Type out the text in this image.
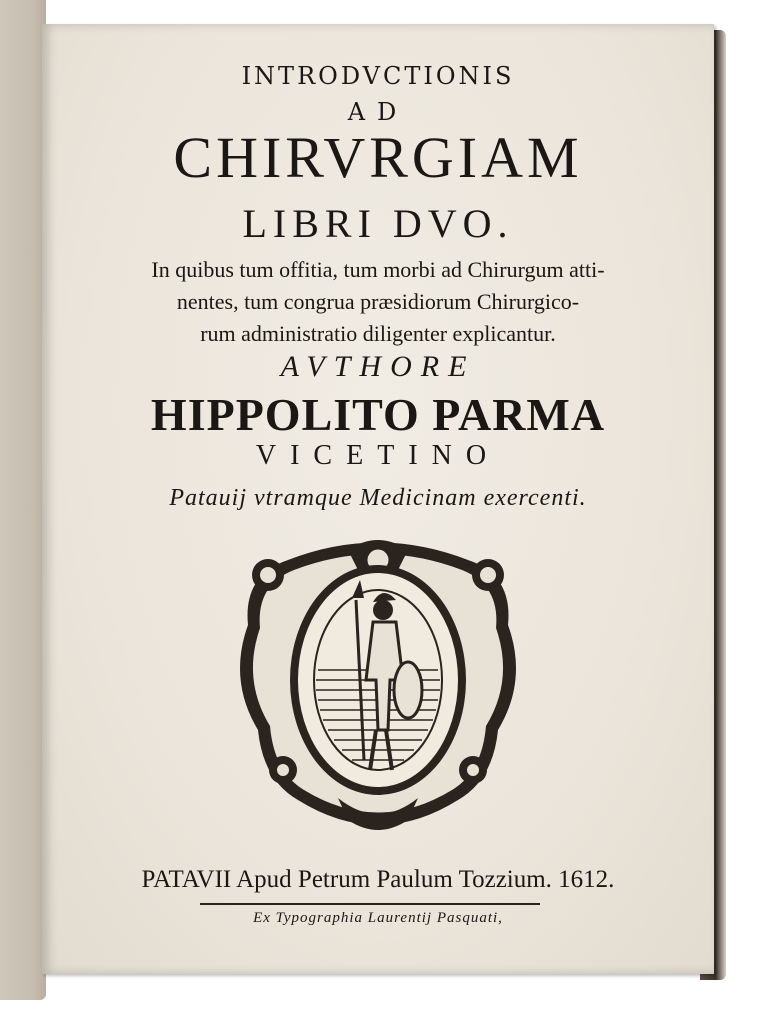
INTRODVCTIONIS
AD
CHIRVRGIAM
LIBRI DVO.
In quibus tum offitia, tum morbi ad Chirurgum atti-
nentes, tum congrua præsidiorum Chirurgico-
rum administratio diligenter explicantur.
AVTHORE
HIPPOLITO PARMA
VICETINO
Patauij vtramque Medicinam exercenti.
PATAVII Apud Petrum Paulum Tozzium. 1612.
Ex Typographia Laurentij Pasquati,
